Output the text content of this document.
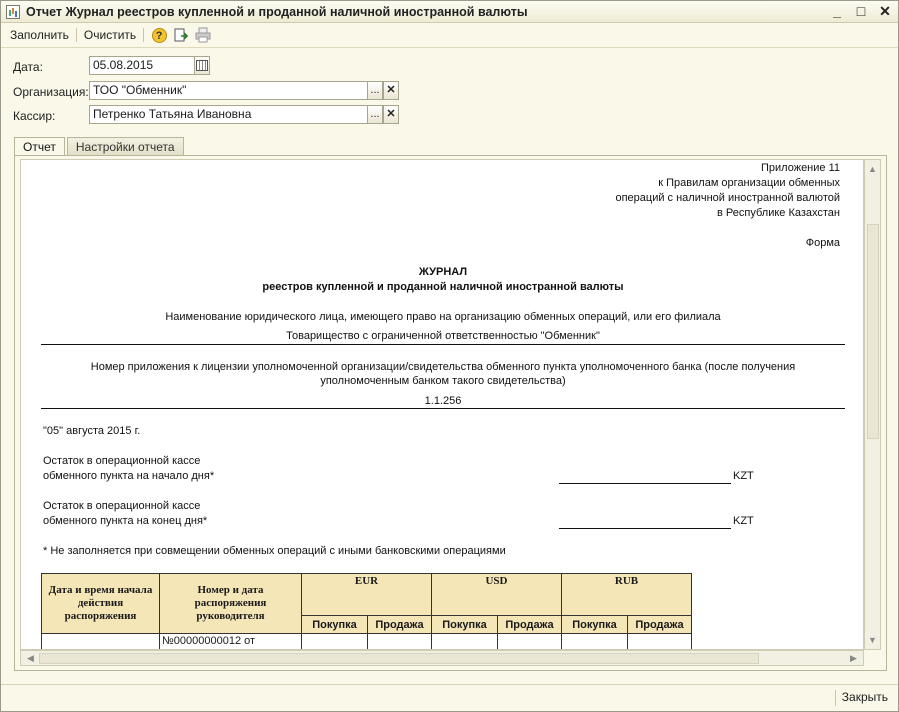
Отчет Журнал реестров купленной и проданной наличной иностранной валюты	_ □ ✕
Заполнить Очистить	?
Дата:	05.08.2015
Организация: ТОО "Обменник"	... ✕
Кассир:	Петренко Татьяна Ивановна	... ✕
Отчет	Настройки отчета
Приложение 11
к Правилам организации обменных
операций с наличной иностранной валютой
в Республике Казахстан
Форма
ЖУРНАЛ
реестров купленной и проданной наличной иностранной валюты
Наименование юридического лица, имеющего право на организацию обменных операций, или его филиала
Товарищество с ограниченной ответственностью "Обменник"
Номер приложения к лицензии уполномоченной организации/свидетельства обменного пункта уполномоченного банка (после получения
уполномоченным банком такого свидетельства)
1.1.256
"05" августа 2015 г.
Остаток в операционной кассе
обменного пункта на начало дня*	KZT
Остаток в операционной кассе
обменного пункта на конец дня*	KZT
* Не заполняется при совмещении обменных операций с иными банковскими операциями
Дата и время начала действия распоряжения	Номер и дата распоряжения руководителя	EUR		USD		RUB	
		Покупка	Продажа	Покупка	Продажа	Покупка	Продажа
	№00000000012 от						
▲
▼
◀	▶
Закрыть
